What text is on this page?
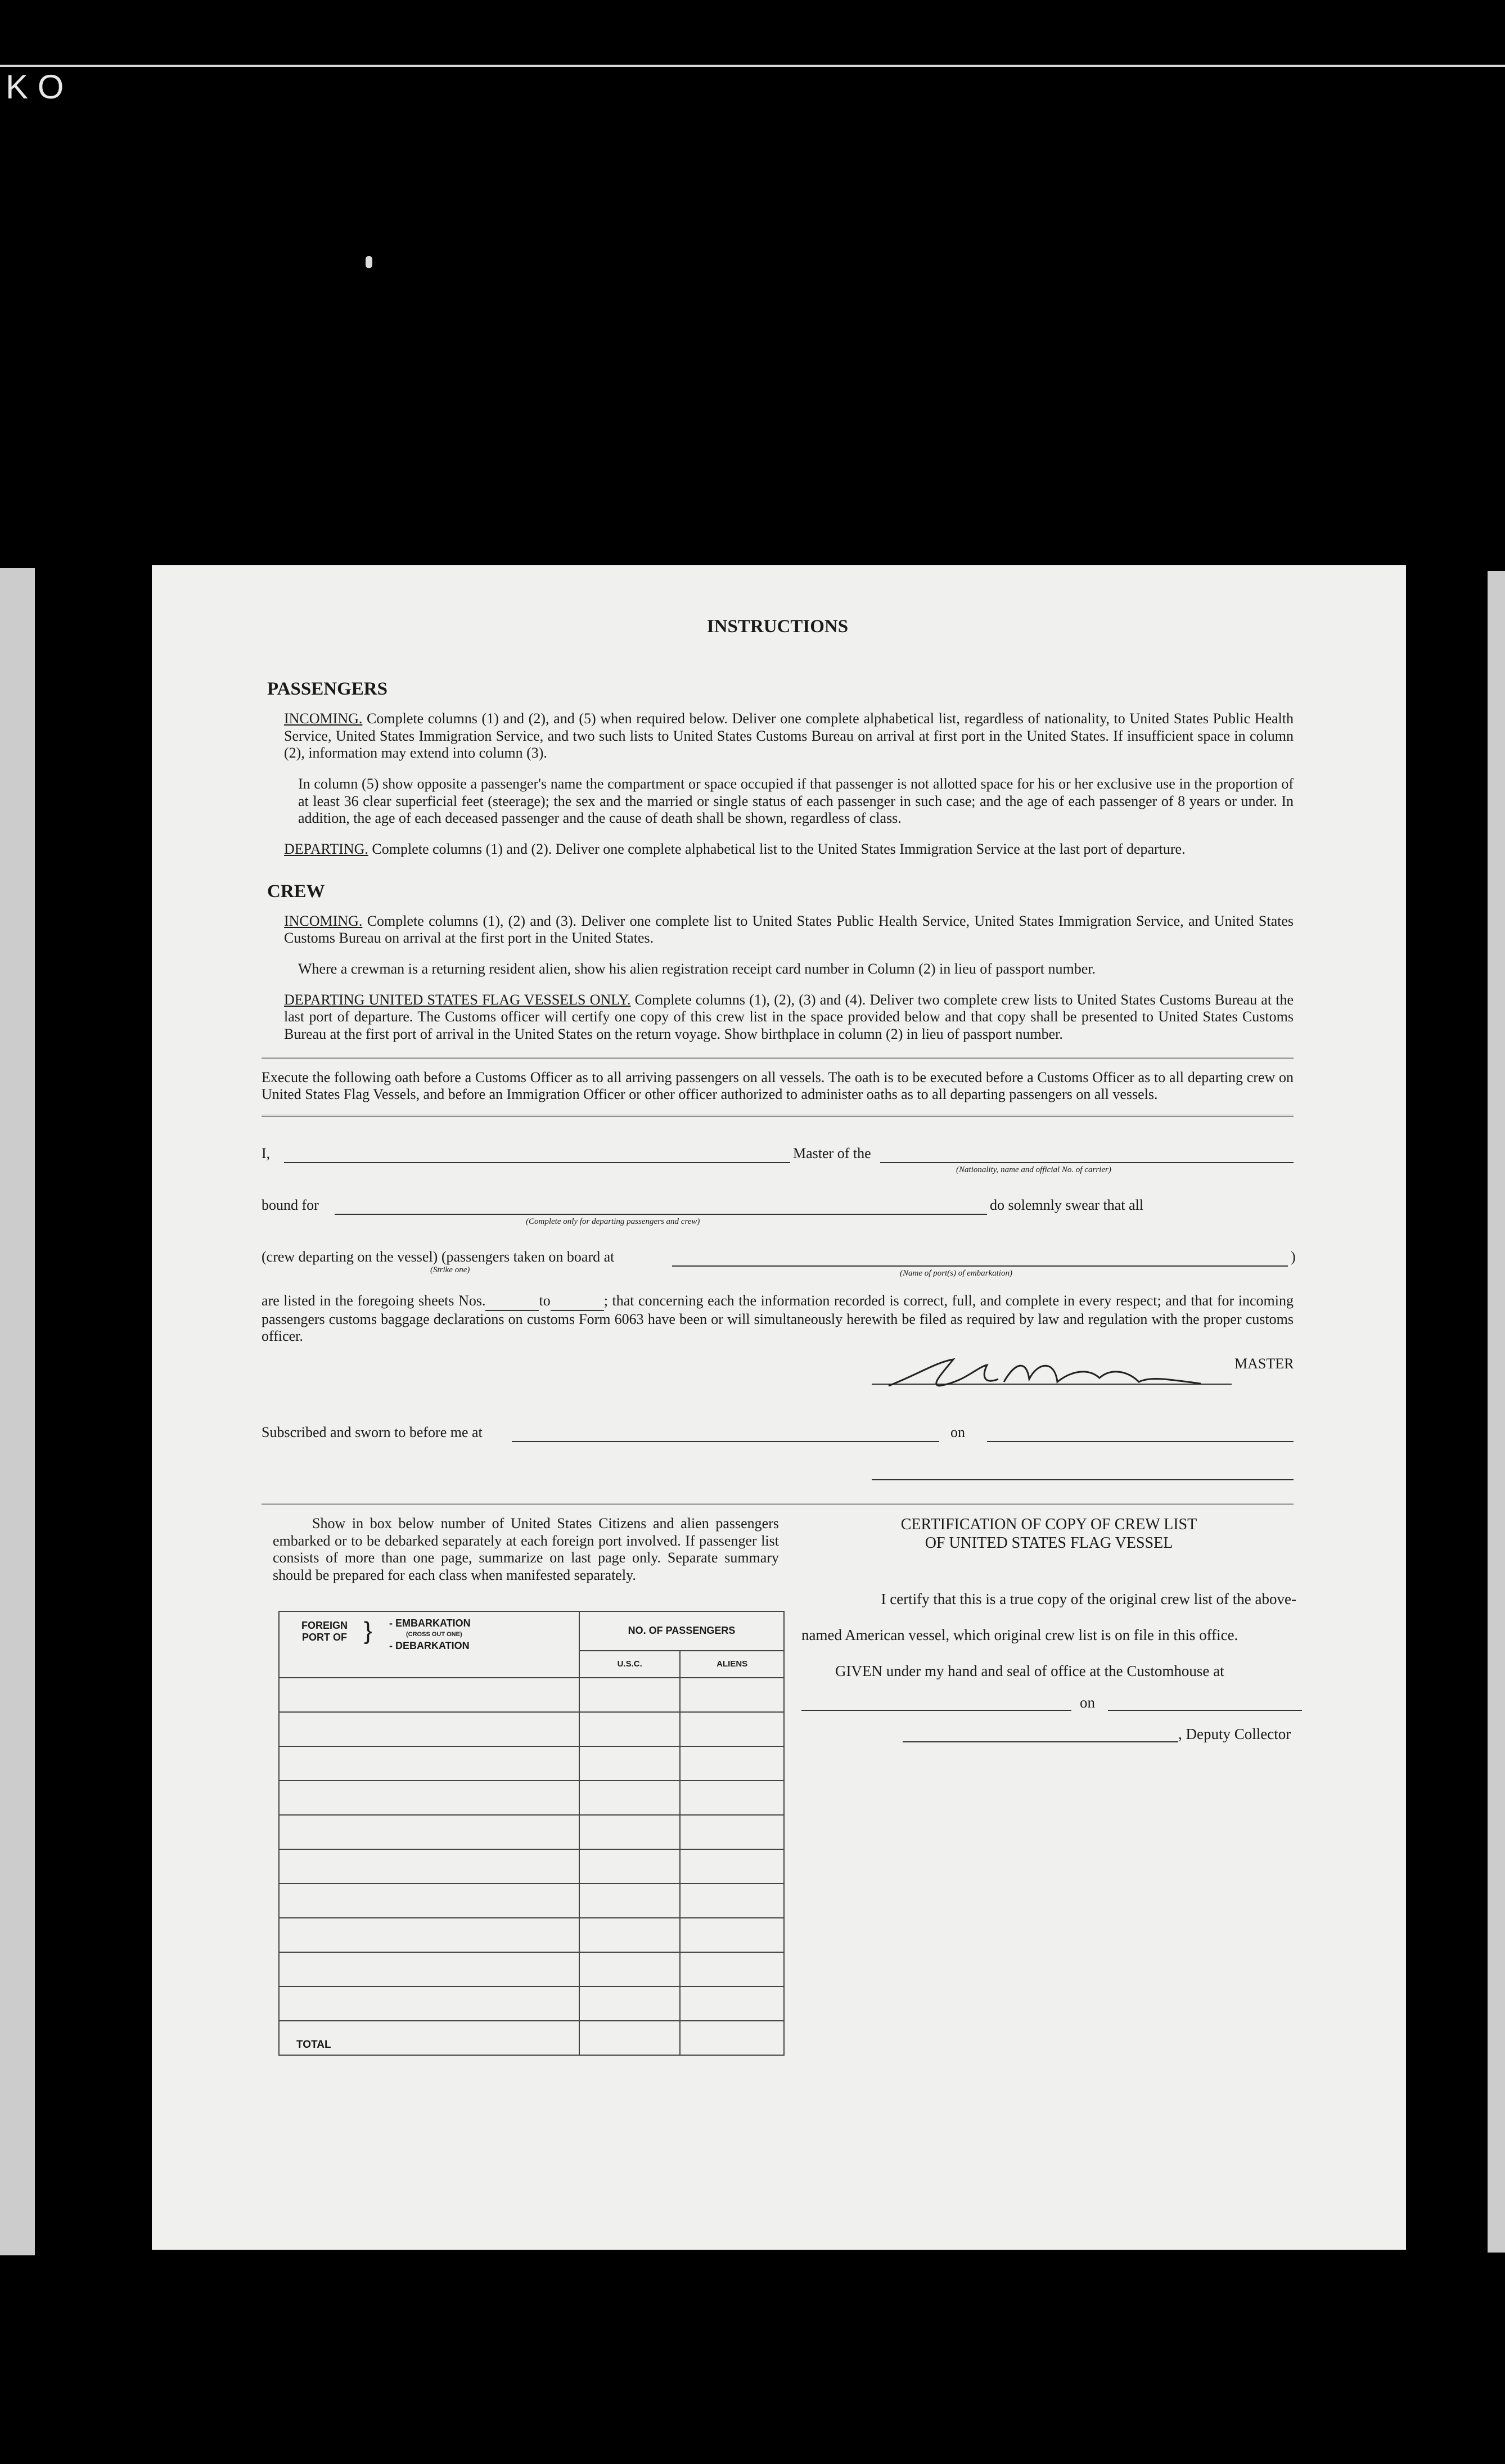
K O
INSTRUCTIONS
PASSENGERS

INCOMING. Complete columns (1) and (2), and (5) when required below. Deliver one complete alphabetical list, regardless of nationality, to United States Public Health Service, United States Immigration Service, and two such lists to United States Customs Bureau on arrival at first port in the United States. If insufficient space in column (2), information may extend into column (3).

In column (5) show opposite a passenger's name the compartment or space occupied if that passenger is not allotted space for his or her exclusive use in the proportion of at least 36 clear superficial feet (steerage); the sex and the married or single status of each passenger in such case; and the age of each passenger of 8 years or under. In addition, the age of each deceased passenger and the cause of death shall be shown, regardless of class.

DEPARTING. Complete columns (1) and (2). Deliver one complete alphabetical list to the United States Immigration Service at the last port of departure.

CREW

INCOMING. Complete columns (1), (2) and (3). Deliver one complete list to United States Public Health Service, United States Immigration Service, and United States Customs Bureau on arrival at the first port in the United States.

Where a crewman is a returning resident alien, show his alien registration receipt card number in Column (2) in lieu of passport number.

DEPARTING UNITED STATES FLAG VESSELS ONLY. Complete columns (1), (2), (3) and (4). Deliver two complete crew lists to United States Customs Bureau at the last port of departure. The Customs officer will certify one copy of this crew list in the space provided below and that copy shall be presented to United States Customs Bureau at the first port of arrival in the United States on the return voyage. Show birthplace in column (2) in lieu of passport number.

Execute the following oath before a Customs Officer as to all arriving passengers on all vessels. The oath is to be executed before a Customs Officer as to all departing crew on United States Flag Vessels, and before an Immigration Officer or other officer authorized to administer oaths as to all departing passengers on all vessels.

I,	Master of the
(Nationality, name and official No. of carrier)
bound for	do solemnly swear that all
(Complete only for departing passengers and crew)
(crew departing on the vessel) (passengers taken on board at	)
(Strike one)	(Name of port(s) of embarkation)

are listed in the foregoing sheets Nos.	to	; that concerning each the information recorded is correct, full, and complete in every respect; and that for incoming passengers customs baggage declarations on customs Form 6063 have been or will simultaneously herewith be filed as required by law and regulation with the proper customs officer.

E. A. Nelson
MASTER
Subscribed and sworn to before me at	on

Show in box below number of United States Citizens and alien passengers embarked or to be debarked separately at each foreign port involved. If passenger list consists of more than one page, summarize on last page only. Separate summary should be prepared for each class when manifested separately.

FOREIGN PORT OF } - EMBARKATION
(CROSS OUT ONE)
- DEBARKATION	NO. OF PASSENGERS	
	U.S.C.	ALIENS

TOTAL		
CERTIFICATION OF COPY OF CREW LIST
OF UNITED STATES FLAG VESSEL
I certify that this is a true copy of the original crew list of the above-
named American vessel, which original crew list is on file in this office.
GIVEN under my hand and seal of office at the Customhouse at
on
, Deputy Collector
